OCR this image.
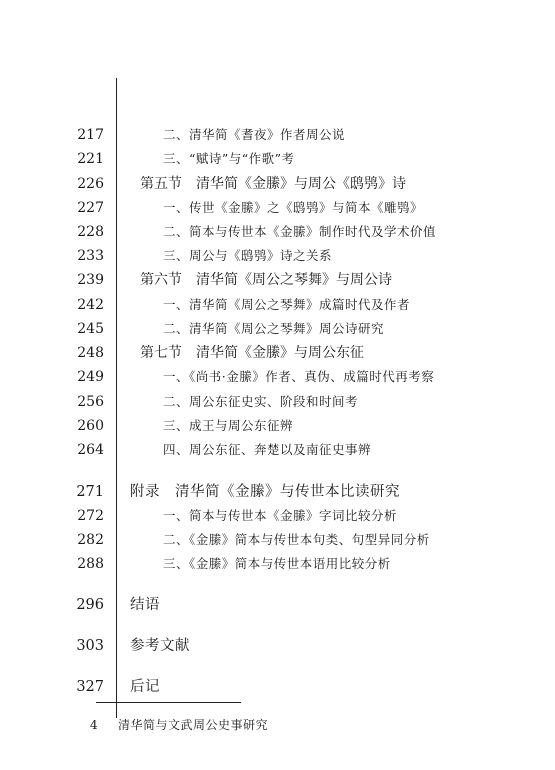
217	二、清华简《耆夜》作者周公说
221	三、“赋诗”与“作歌”考
226	第五节　清华简《金縢》与周公《鸱鸮》诗
227	一、传世《金縢》之《鸱鸮》与简本《雕鸮》
228	二、简本与传世本《金縢》制作时代及学术价值
233	三、周公与《鸱鸮》诗之关系
239	第六节　清华简《周公之琴舞》与周公诗
242	一、清华简《周公之琴舞》成篇时代及作者
245	二、清华简《周公之琴舞》周公诗研究
248	第七节　清华简《金縢》与周公东征
249	一、《尚书·金縢》作者、真伪、成篇时代再考察
256	二、周公东征史实、阶段和时间考
260	三、成王与周公东征辨
264	四、周公东征、奔楚以及南征史事辨
271 附录　清华简《金縢》与传世本比读研究
272	一、简本与传世本《金縢》字词比较分析
282	二、《金縢》简本与传世本句类、句型异同分析
288	三、《金縢》简本与传世本语用比较分析
296 结语
303 参考文献
327 后记
4 清华简与文武周公史事研究
